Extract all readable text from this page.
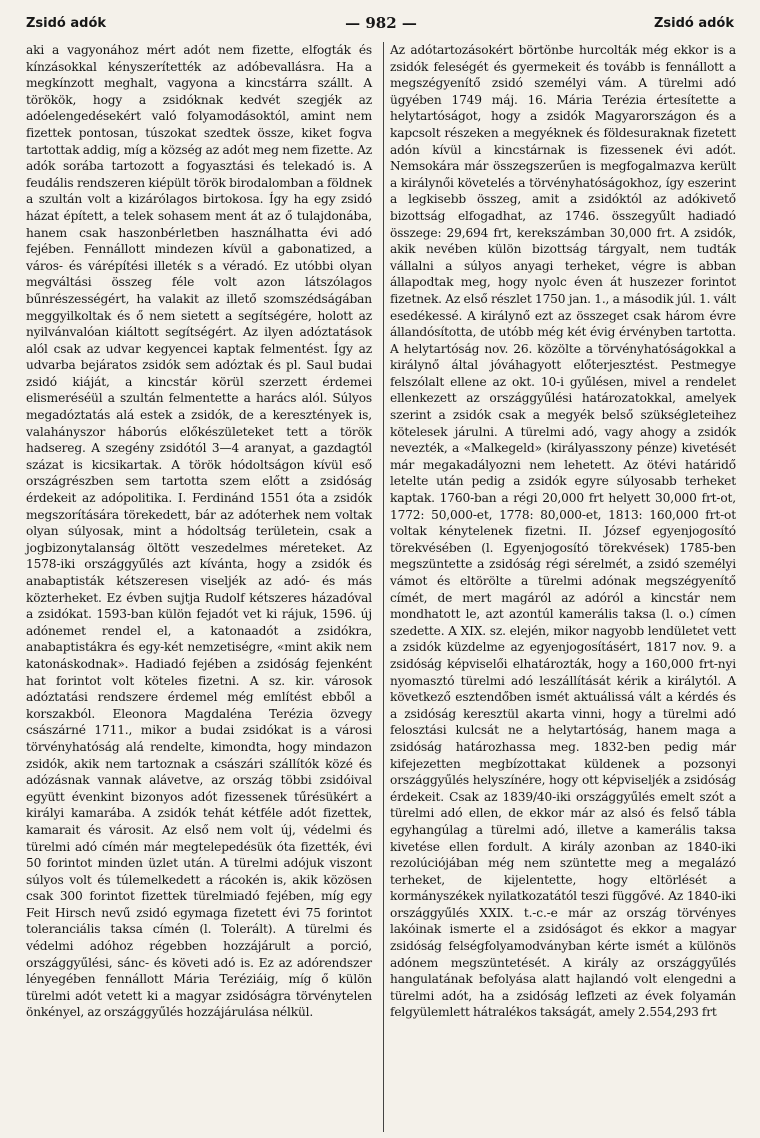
Zsidó adók	— 982 —	Zsidó adók

aki a vagyonához mért adót nem fizette, elfogták és kínzásokkal kényszerítették az adóbevallásra. Ha a megkínzott meghalt, vagyona a kincstárra szállt. A törökök, hogy a zsidóknak kedvét szegjék az adóelengedésekért való folyamodásoktól, amint nem fizettek pontosan, túszokat szedtek össze, kiket fogva tartottak addig, míg a község az adót meg nem fizette. Az adók sorába tartozott a fogyasztási és telekadó is. A feudális rendszeren kiépült török birodalomban a földnek a szultán volt a kizárólagos birtokosa. Így ha egy zsidó házat épített, a telek sohasem ment át az ő tulajdonába, hanem csak haszonbérletben használhatta évi adó fejében. Fennállott mindezen kívül a gabonatized, a város- és várépítési illeték s a véradó. Ez utóbbi olyan megváltási összeg féle volt azon látszólagos bűnrészességért, ha valakit az illető szomszédságában meggyilkoltak és ő nem sietett a segítségére, holott az nyilvánvalóan kiáltott segítségért. Az ilyen adóztatások alól csak az udvar kegyencei kaptak felmentést. Így az udvarba bejáratos zsidók sem adóztak és pl. Saul budai zsidó kiáját, a kincstár körül szerzett érdemei elismeréséül a szultán felmentette a harács alól. Súlyos megadóztatás alá estek a zsidók, de a keresztények is, valahányszor háborús előkészületeket tett a török hadsereg. A szegény zsidótól 3—4 aranyat, a gazdagtól százat is kicsikartak. A török hódoltságon kívül eső országrészben sem tartotta szem előtt a zsidóság érdekeit az adópolitika. I. Ferdinánd 1551 óta a zsidók megszorítására törekedett, bár az adóterhek nem voltak olyan súlyosak, mint a hódoltság területein, csak a jogbizonytalanság öltött veszedelmes méreteket. Az 1578-iki országgyűlés azt kívánta, hogy a zsidók és anabaptisták kétszeresen viseljék az adó- és más közterheket. Ez évben sujtja Rudolf kétszeres házadóval a zsidókat. 1593-ban külön fejadót vet ki rájuk, 1596. új adónemet rendel el, a katonaadót a zsidókra, anabaptistákra és egy-két nemzetiségre, «mint akik nem katonáskodnak». Hadiadó fejében a zsidóság fejenként hat forintot volt köteles fizetni. A sz. kir. városok adóztatási rendszere érdemel még említést ebből a korszakból. Eleonora Magdaléna Terézia özvegy császárné 1711., mikor a budai zsidókat is a városi törvényhatóság alá rendelte, kimondta, hogy mindazon zsidók, akik nem tartoznak a császári szállítók közé és adózásnak vannak alávetve, az ország többi zsidóival együtt évenkint bizonyos adót fizessenek tűrésükért a királyi kamarába. A zsidók tehát kétféle adót fizettek, kamarait és városit. Az első nem volt új, védelmi és türelmi adó címén már megtelepedésük óta fizették, évi 50 forintot minden üzlet után. A türelmi adójuk viszont súlyos volt és túlemelkedett a rácokén is, akik közösen csak 300 forintot fizettek türelmiadó fejében, míg egy Feit Hirsch nevű zsidó egymaga fizetett évi 75 forintot toleranciális taksa címén (l. Tolerált). A türelmi és védelmi adóhoz régebben hozzájárult a porció, országgyűlési, sánc- és követi adó is. Ez az adórendszer lényegében fennállott Mária Teréziáig, míg ő külön türelmi adót vetett ki a magyar zsidóságra törvénytelen önkényel, az országgyűlés hozzájárulása nélkül.

Az adótartozásokért börtönbe hurcolták még ekkor is a zsidók feleségét és gyermekeit és tovább is fennállott a megszégyenítő zsidó személyi vám. A türelmi adó ügyében 1749 máj. 16. Mária Terézia értesítette a helytartóságot, hogy a zsidók Magyarországon és a kapcsolt részeken a megyéknek és földesuraknak fizetett adón kívül a kincstárnak is fizessenek évi adót. Nemsokára már összegszerűen is megfogalmazva került a királynői követelés a törvényhatóságokhoz, így eszerint a legkisebb összeg, amit a zsidóktól az adókivető bizottság elfogadhat, az 1746. összegyűlt hadiadó összege: 29,694 frt, kerekszámban 30,000 frt. A zsidók, akik nevében külön bizottság tárgyalt, nem tudták vállalni a súlyos anyagi terheket, végre is abban állapodtak meg, hogy nyolc éven át huszezer forintot fizetnek. Az első részlet 1750 jan. 1., a második júl. 1. vált esedékessé. A királynő ezt az összeget csak három évre állandósította, de utóbb még két évig érvényben tartotta. A helytartóság nov. 26. közölte a törvényhatóságokkal a királynő által jóváhagyott előterjesztést. Pestmegye felszólalt ellene az okt. 10-i gyűlésen, mivel a rendelet ellenkezett az országgyűlési határozatokkal, amelyek szerint a zsidók csak a megyék belső szükségleteihez kötelesek járulni. A türelmi adó, vagy ahogy a zsidók nevezték, a «Malkegeld» (királyasszony pénze) kivetését már megakadályozni nem lehetett. Az ötévi határidő letelte után pedig a zsidók egyre súlyosabb terheket kaptak. 1760-ban a régi 20,000 frt helyett 30,000 frt-ot, 1772: 50,000-et, 1778: 80,000-et, 1813: 160,000 frt-ot voltak kénytelenek fizetni. II. József egyenjogosító törekvésében (l. Egyenjogosító törekvések) 1785-ben megszüntette a zsidóság régi sérelmét, a zsidó személyi vámot és eltörölte a türelmi adónak megszégyenítő címét, de mert magáról az adóról a kincstár nem mondhatott le, azt azontúl kamerális taksa (l. o.) címen szedette. A XIX. sz. elején, mikor nagyobb lendületet vett a zsidók küzdelme az egyenjogosításért, 1817 nov. 9. a zsidóság képviselői elhatározták, hogy a 160,000 frt-nyi nyomasztó türelmi adó leszállítását kérik a királytól. A következő esztendőben ismét aktuálissá vált a kérdés és a zsidóság keresztül akarta vinni, hogy a türelmi adó felosztási kulcsát ne a helytartóság, hanem maga a zsidóság határozhassa meg. 1832-ben pedig már kifejezetten megbízottakat küldenek a pozsonyi országgyűlés helyszínére, hogy ott képviseljék a zsidóság érdekeit. Csak az 1839/40-iki országgyűlés emelt szót a türelmi adó ellen, de ekkor már az alsó és felső tábla egyhangúlag a türelmi adó, illetve a kamerális taksa kivetése ellen fordult. A király azonban az 1840-iki rezolúciójában még nem szüntette meg a megalázó terheket, de kijelentette, hogy eltörlését a kormányszékek nyilatkozatától teszi függővé. Az 1840-iki országgyűlés XXIX. t.-c.-e már az ország törvényes lakóinak ismerte el a zsidóságot és ekkor a magyar zsidóság felségfolyamodványban kérte ismét a különös adónem megszüntetését. A király az országgyűlés hangulatának befolyása alatt hajlandó volt elengedni a türelmi adót, ha a zsidóság leflzeti az évek folyamán felgyülemlett hátralékos takságát, amely 2.554,293 frt
